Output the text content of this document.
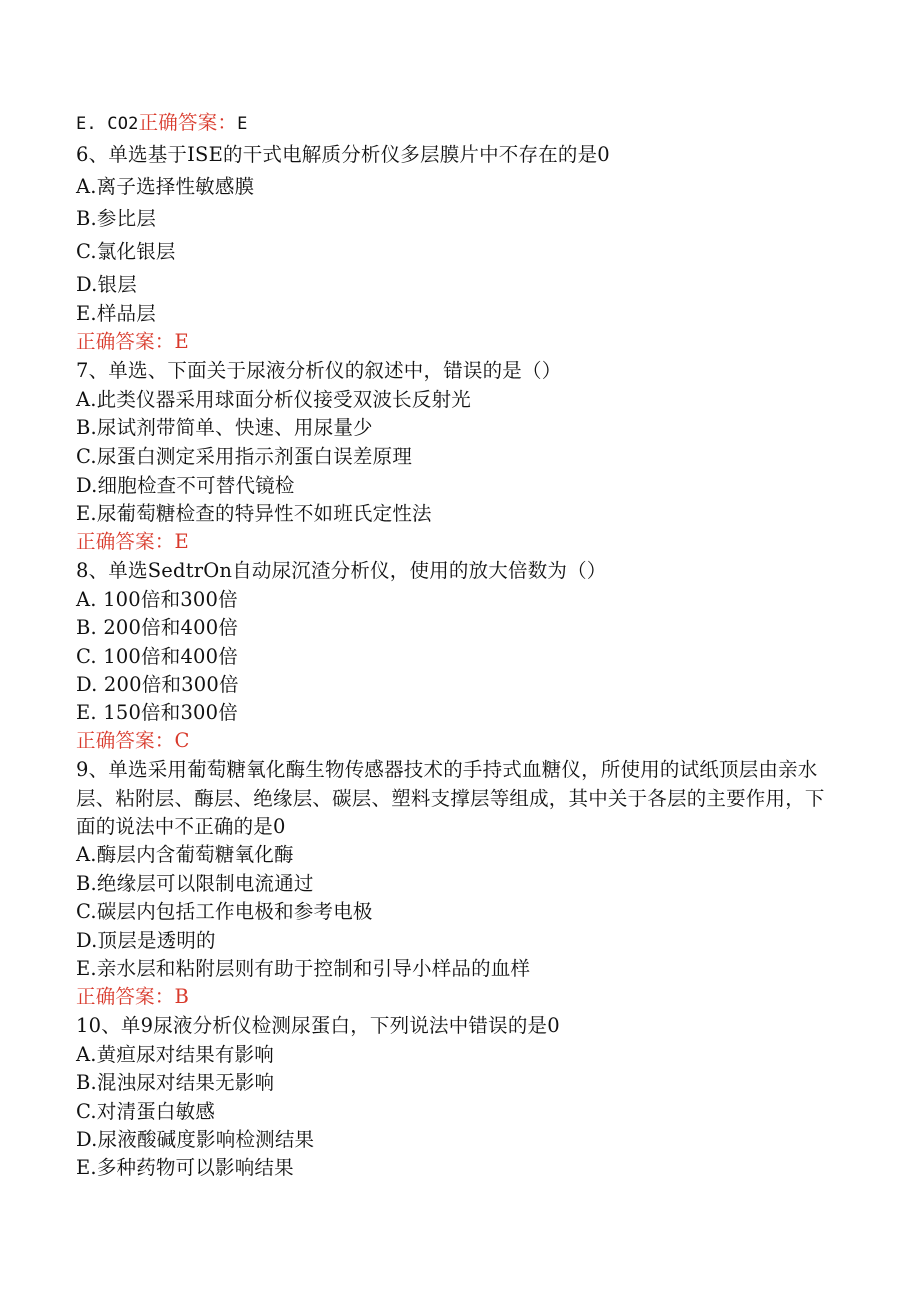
E. CO2正确答案：E
6、单选基于ISE的干式电解质分析仪多层膜片中不存在的是0
A.离子选择性敏感膜
B.参比层
C.氯化银层
D.银层
E.样品层
正确答案：E
7、单选、下面关于尿液分析仪的叙述中，错误的是（）
A.此类仪器采用球面分析仪接受双波长反射光
B.尿试剂带简单、快速、用尿量少
C.尿蛋白测定采用指示剂蛋白误差原理
D.细胞检查不可替代镜检
E.尿葡萄糖检查的特异性不如班氏定性法
正确答案：E
8、单选SedtrOn自动尿沉渣分析仪，使用的放大倍数为（）
A. 100倍和300倍
B. 200倍和400倍
C. 100倍和400倍
D. 200倍和300倍
E. 150倍和300倍
正确答案：C
9、单选采用葡萄糖氧化酶生物传感器技术的手持式血糖仪，所使用的试纸顶层由亲水层、粘附层、酶层、绝缘层、碳层、塑料支撑层等组成，其中关于各层的主要作用，下面的说法中不正确的是0
A.酶层内含葡萄糖氧化酶
B.绝缘层可以限制电流通过
C.碳层内包括工作电极和参考电极
D.顶层是透明的
E.亲水层和粘附层则有助于控制和引导小样品的血样
正确答案：B
10、单9尿液分析仪检测尿蛋白，下列说法中错误的是0
A.黄疸尿对结果有影响
B.混浊尿对结果无影响
C.对清蛋白敏感
D.尿液酸碱度影响检测结果
E.多种药物可以影响结果
